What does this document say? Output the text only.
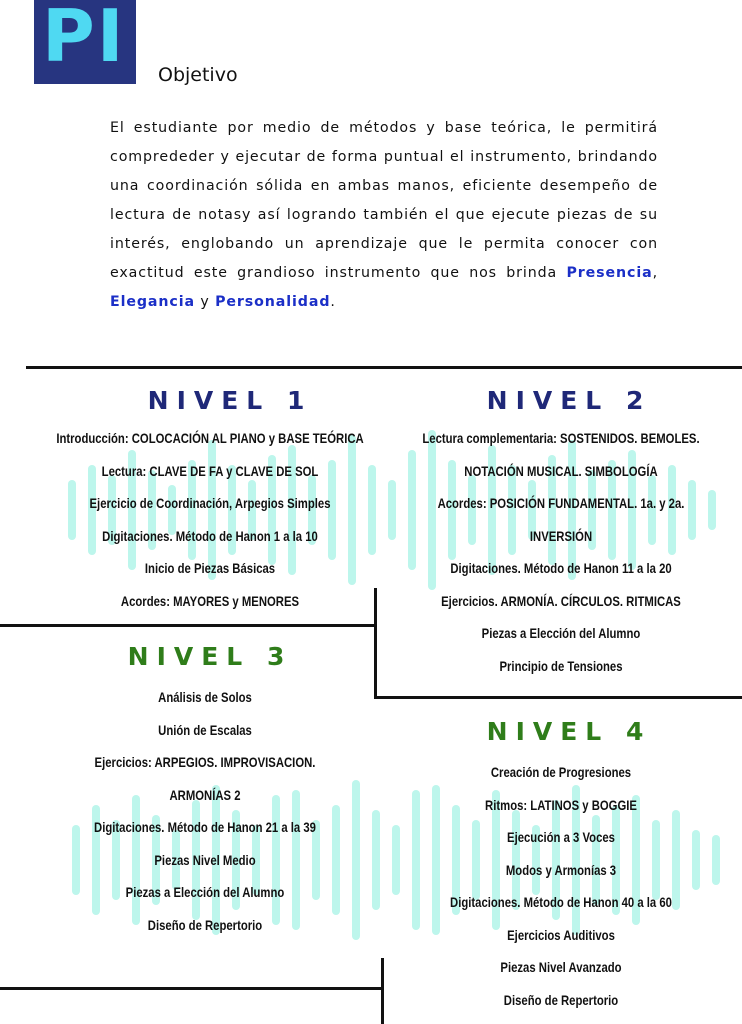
PI Objetivo
El estudiante por medio de métodos y base teórica, le permitirá comprededer y ejecutar de forma puntual el instrumento, brindando una coordinación sólida en ambas manos, eficiente desempeño de lectura de notasy así logrando también el que ejecute piezas de su interés, englobando un aprendizaje que le permita conocer con exactitud este grandioso instrumento que nos brinda Presencia, Elegancia y Personalidad.
NIVEL 1	NIVEL 2
NIVEL 3
NIVEL 4
Introducción: COLOCACIÓN AL PIANO y BASE TEÓRICA
Lectura: CLAVE DE FA y CLAVE DE SOL
Ejercicio de Coordinación, Arpegios Simples
Digitaciones. Método de Hanon 1 a la 10
Inicio de Piezas Básicas
Acordes: MAYORES y MENORES
Lectura complementaria: SOSTENIDOS. BEMOLES.
NOTACIÓN MUSICAL. SIMBOLOGÍA
Acordes: POSICIÓN FUNDAMENTAL. 1a. y 2a.
INVERSIÓN
Digitaciones. Método de Hanon 11 a la 20
Ejercicios. ARMONÍA. CÍRCULOS. RITMICAS
Piezas a Elección del Alumno
Principio de Tensiones
Análisis de Solos
Unión de Escalas
Ejercicios: ARPEGIOS. IMPROVISACION.
ARMONÍAS 2
Digitaciones. Método de Hanon 21 a la 39
Piezas Nivel Medio
Piezas a Elección del Alumno
Diseño de Repertorio
Creación de Progresiones
Ritmos: LATINOS y BOGGIE
Ejecución a 3 Voces
Modos y Armonías 3
Digitaciones. Método de Hanon 40 a la 60
Ejercicios Auditivos
Piezas Nivel Avanzado
Diseño de Repertorio
